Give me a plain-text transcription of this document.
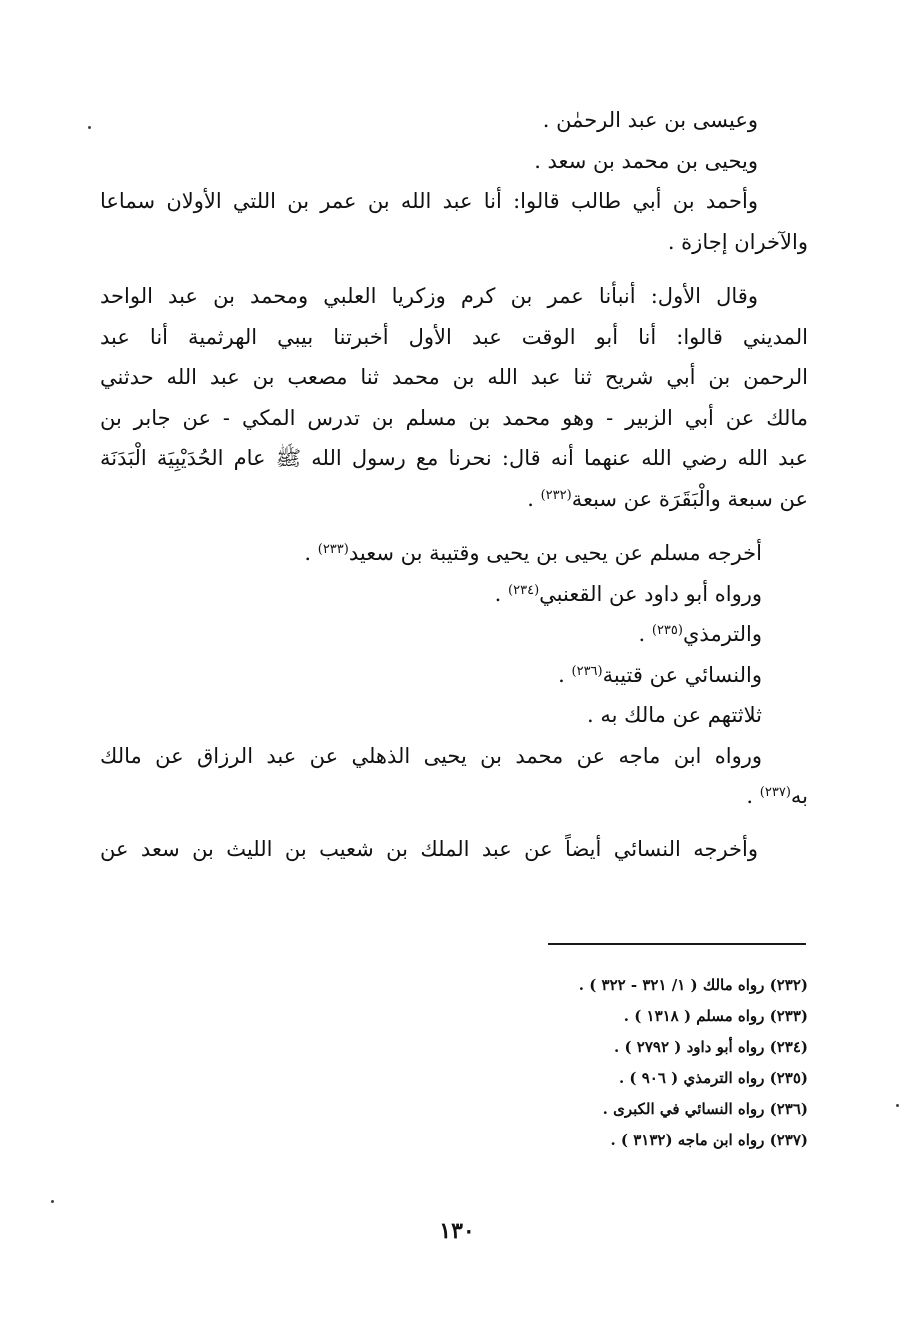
وعيسى بن عبد الرحمٰن .
ويحيى بن محمد بن سعد .
وأحمد بن أبي طالب قالوا: أنا عبد الله بن عمر بن اللتي الأولان سماعا
والآخران إجازة .
وقال الأول: أنبأنا عمر بن كرم وزكريا العلبي ومحمد بن عبد الواحد
المديني قالوا: أنا أبو الوقت عبد الأول أخبرتنا بيبي الهرثمية أنا عبد
الرحمن بن أبي شريح ثنا عبد الله بن محمد ثنا مصعب بن عبد الله حدثني
مالك عن أبي الزبير - وهو محمد بن مسلم بن تدرس المكي - عن جابر بن
عبد الله رضي الله عنهما أنه قال: نحرنا مع رسول الله ﷺ عام الحُدَيْبِيَة الْبَدَنَة
عن سبعة والْبَقَرَة عن سبعة$^{(٢٣٢)}$ .
أخرجه مسلم عن يحيى بن يحيى وقتيبة بن سعيد$^{(٢٣٣)}$ .
ورواه أبو داود عن القعنبي$^{(٢٣٤)}$ .
والترمذي$^{(٢٣٥)}$ .
والنسائي عن قتيبة$^{(٢٣٦)}$ .
ثلاثتهم عن مالك به .
ورواه ابن ماجه عن محمد بن يحيى الذهلي عن عبد الرزاق عن مالك
به$^{(٢٣٧)}$ .
وأخرجه النسائي أيضاً عن عبد الملك بن شعيب بن الليث بن سعد عن
(٢٣٢) رواه مالك ( ١/ ٣٢١ - ٣٢٢ ) .
(٢٣٣) رواه مسلم ( ١٣١٨ ) .
(٢٣٤) رواه أبو داود ( ٢٧٩٢ ) .
(٢٣٥) رواه الترمذي ( ٩٠٦ ) .
(٢٣٦) رواه النسائي في الكبرى .
(٢٣٧) رواه ابن ماجه (٣١٣٢ ) .
١٣٠
